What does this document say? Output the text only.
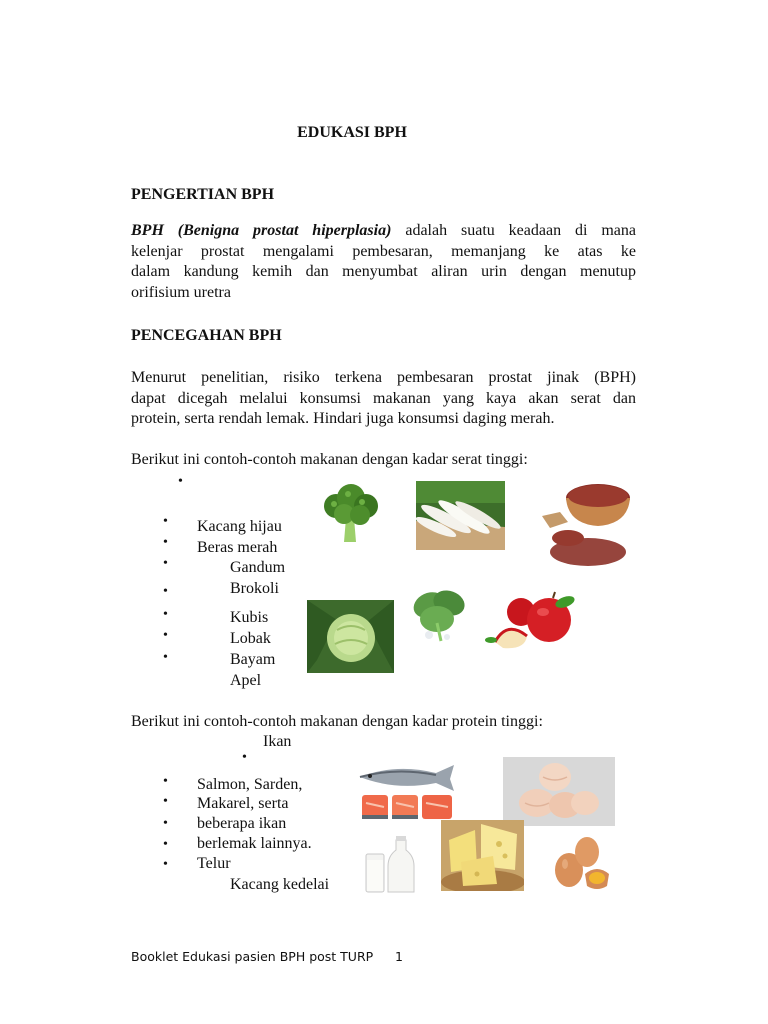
EDUKASI BPH
PENGERTIAN BPH
BPH (Benigna prostat hiperplasia) adalah suatu keadaan di mana
kelenjar prostat mengalami pembesaran, memanjang ke atas ke
dalam kandung kemih dan menyumbat aliran urin dengan menutup
orifisium uretra
PENCEGAHAN BPH
Menurut penelitian, risiko terkena pembesaran prostat jinak (BPH)
dapat dicegah melalui konsumsi makanan yang kaya akan serat dan
protein, serta rendah lemak. Hindari juga konsumsi daging merah.
Berikut ini contoh-contoh makanan dengan kadar serat tinggi:
•
•
•
•
•
•
•
•
Kacang hijau
Beras merah
Gandum
Brokoli
Kubis
Lobak
Bayam
Apel
Berikut ini contoh-contoh makanan dengan kadar protein tinggi:
Ikan
•
•
•
•
•
•
Salmon, Sarden,
Makarel, serta
beberapa ikan
berlemak lainnya.
Telur
Kacang kedelai
Booklet Edukasi pasien BPH post TURP 1
